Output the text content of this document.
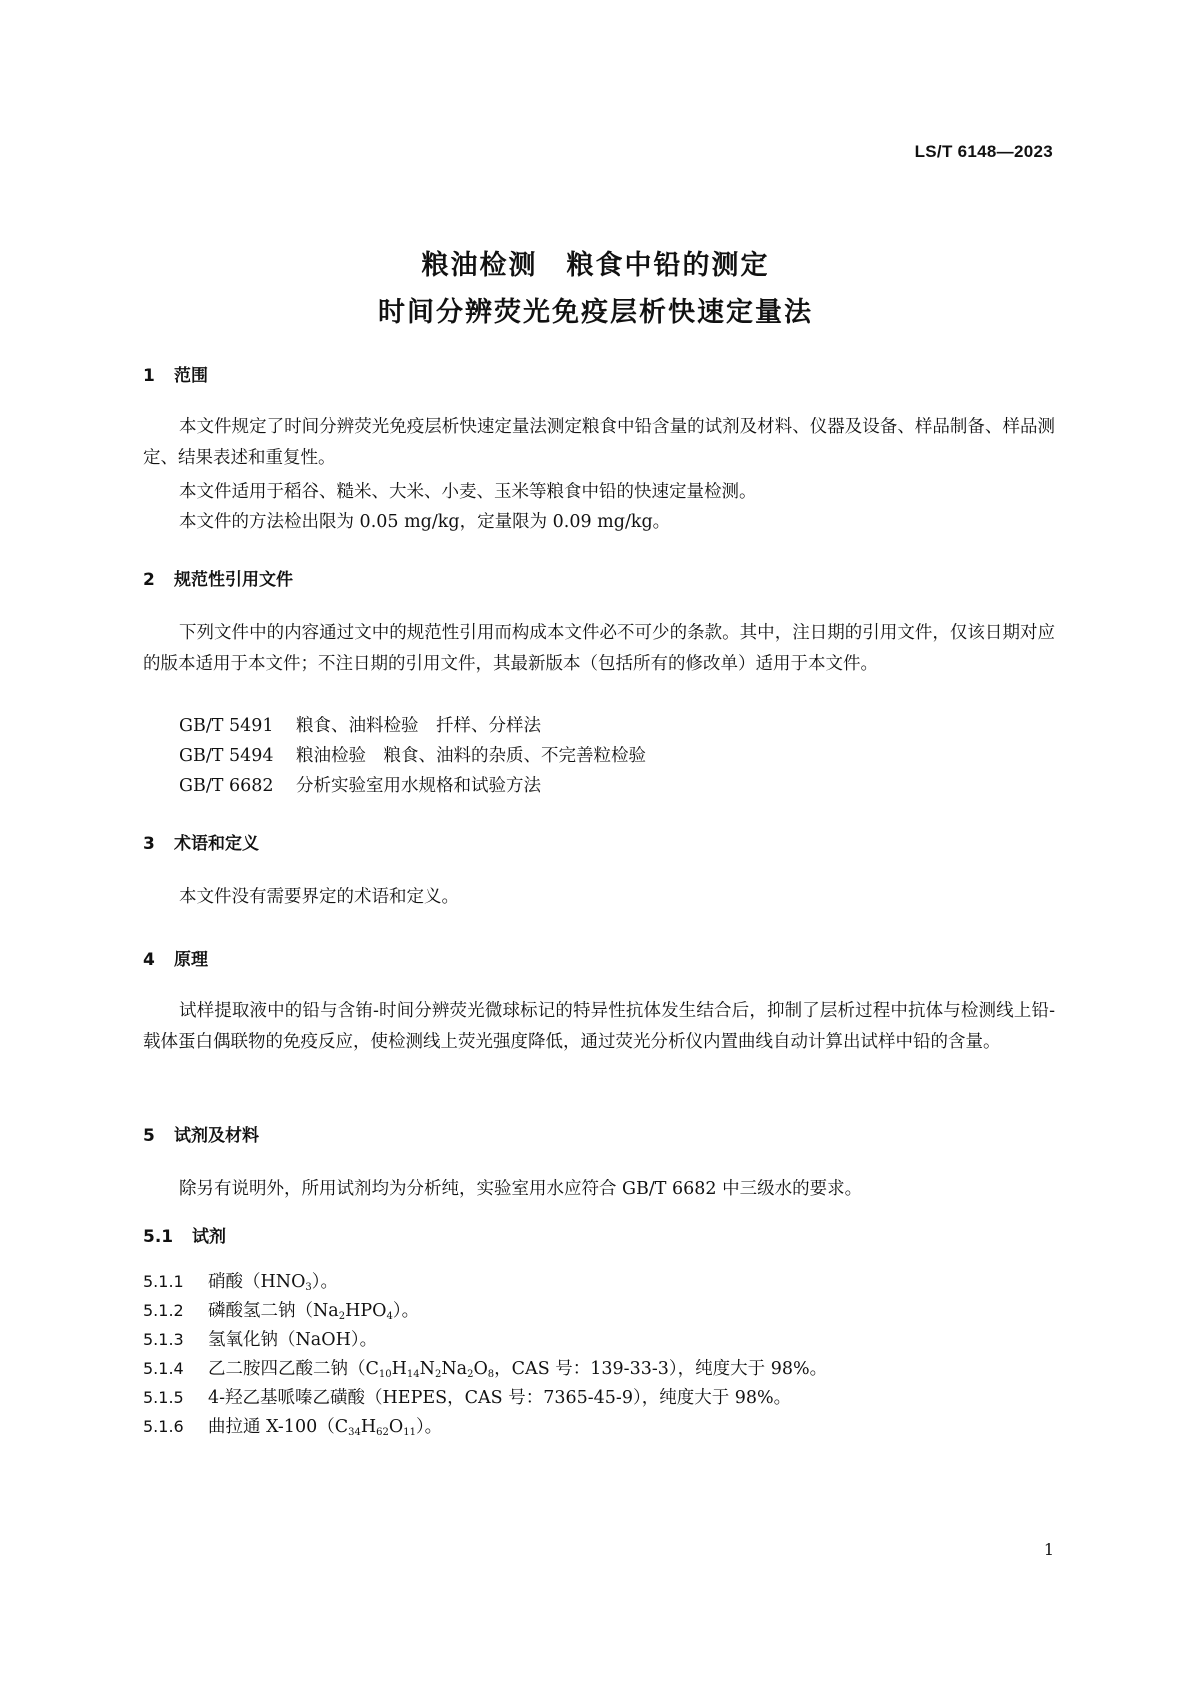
LS/T 6148—2023
粮油检测　粮食中铅的测定
时间分辨荧光免疫层析快速定量法
1 范围
本文件规定了时间分辨荧光免疫层析快速定量法测定粮食中铅含量的试剂及材料、仪器及设备、样品制备、样品测定、结果表述和重复性。
本文件适用于稻谷、糙米、大米、小麦、玉米等粮食中铅的快速定量检测。
本文件的方法检出限为 0.05 mg/kg，定量限为 0.09 mg/kg。
2 规范性引用文件
下列文件中的内容通过文中的规范性引用而构成本文件必不可少的条款。其中，注日期的引用文件，仅该日期对应的版本适用于本文件；不注日期的引用文件，其最新版本（包括所有的修改单）适用于本文件。
GB/T 5491 粮食、油料检验　扦样、分样法
GB/T 5494 粮油检验　粮食、油料的杂质、不完善粒检验
GB/T 6682 分析实验室用水规格和试验方法
3 术语和定义
本文件没有需要界定的术语和定义。
4 原理
试样提取液中的铅与含铕-时间分辨荧光微球标记的特异性抗体发生结合后，抑制了层析过程中抗体与检测线上铅-载体蛋白偶联物的免疫反应，使检测线上荧光强度降低，通过荧光分析仪内置曲线自动计算出试样中铅的含量。
5 试剂及材料
除另有说明外，所用试剂均为分析纯，实验室用水应符合 GB/T 6682 中三级水的要求。
5.1 试剂
5.1.1 硝酸$(HNO_3)$。
5.1.2 磷酸氢二钠$(Na_2HPO_4)$。
5.1.3 氢氧化钠（NaOH）。
5.1.4 乙二胺四乙酸二钠（$C_{10}H_{14}N_2Na_2O_8$，CAS 号：139-33-3），纯度大于 98%。
5.1.5 4-羟乙基哌嗪乙磺酸（HEPES，CAS 号：7365-45-9），纯度大于 98%。
5.1.6 曲拉通 $X-100(C_{34}H_{62}O_{11})$。
1
